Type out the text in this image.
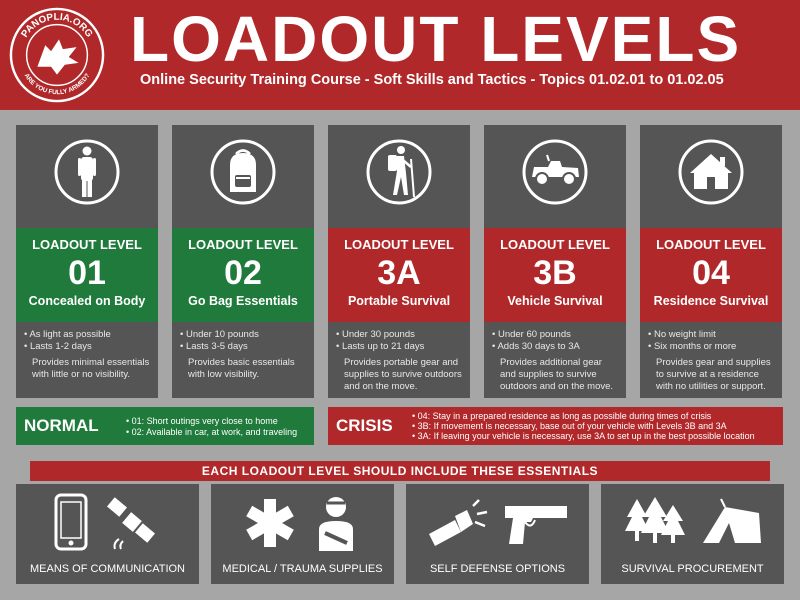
PANOPLIA.ORG
ARE YOU FULLY ARMED?
LOADOUT LEVELS
Online Security Training Course - Soft Skills and Tactics - Topics 01.02.01 to 01.02.05
LOADOUT LEVEL
01
Concealed on Body
• As light as possible
• Lasts 1-2 days

Provides minimal essentials with little or no visibility.

LOADOUT LEVEL
02
Go Bag Essentials
• Under 10 pounds
• Lasts 3-5 days

Provides basic essentials with low visibility.

LOADOUT LEVEL
3A
Portable Survival
• Under 30 pounds
• Lasts up to 21 days

Provides portable gear and supplies to survive outdoors and on the move.

LOADOUT LEVEL
3B
Vehicle Survival
• Under 60 pounds
• Adds 30 days to 3A

Provides additional gear and supplies to survive outdoors and on the move.

LOADOUT LEVEL
04
Residence Survival
• No weight limit
• Six months or more

Provides gear and supplies to survive at a residence with no utilities or support.

NORMAL	• 01: Short outings very close to home
• 02: Available in car, at work, and traveling CRISIS	• 04: Stay in a prepared residence as long as possible during times of crisis
• 3B: If movement is necessary, base out of your vehicle with Levels 3B and 3A
• 3A: If leaving your vehicle is necessary, use 3A to set up in the best possible location
EACH LOADOUT LEVEL SHOULD INCLUDE THESE ESSENTIALS
MEANS OF COMMUNICATION	MEDICAL / TRAUMA SUPPLIES	SELF DEFENSE OPTIONS	SURVIVAL PROCUREMENT
